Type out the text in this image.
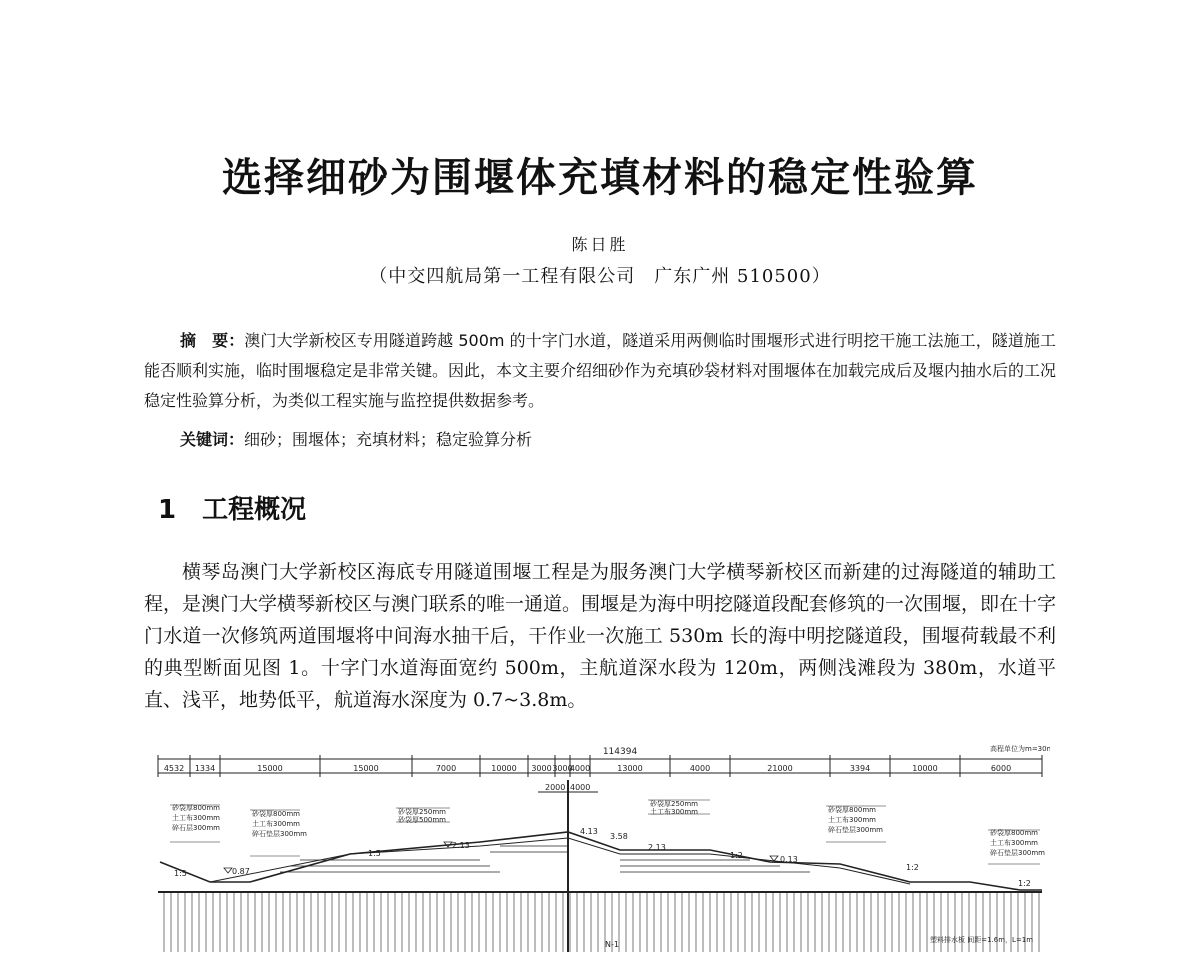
选择细砂为围堰体充填材料的稳定性验算
陈日胜
（中交四航局第一工程有限公司　广东广州 510500）
摘　要：澳门大学新校区专用隧道跨越 500m 的十字门水道，隧道采用两侧临时围堰形式进行明挖干施工法施工，隧道施工能否顺利实施，临时围堰稳定是非常关键。因此，本文主要介绍细砂作为充填砂袋材料对围堰体在加载完成后及堰内抽水后的工况稳定性验算分析，为类似工程实施与监控提供数据参考。
关键词：细砂；围堰体；充填材料；稳定验算分析
1 工程概况

横琴岛澳门大学新校区海底专用隧道围堰工程是为服务澳门大学横琴新校区而新建的过海隧道的辅助工程，是澳门大学横琴新校区与澳门联系的唯一通道。围堰是为海中明挖隧道段配套修筑的一次围堰，即在十字门水道一次修筑两道围堰将中间海水抽干后，干作业一次施工 530m 长的海中明挖隧道段，围堰荷载最不利的典型断面见图 1。十字门水道海面宽约 500m，主航道深水段为 120m，两侧浅滩段为 380m，水道平直、浅平，地势低平，航道海水深度为 0.7~3.8m。

114394	高程单位为m=30m
4532 1334	15000	15000	7000	10000 3000 3000
4000	13000	4000	21000	3394	10000	6000
2000 4000
砂袋厚800mm
土工布300mm
碎石层300mm
砂袋厚800mm
土工布300mm
碎石垫层300mm
砂袋厚250mm
砂袋厚500mm
砂袋厚250mm
土工布300mm	砂袋厚800mm
土工布300mm
碎石垫层300mm	砂袋厚800mm
土工布300mm
碎石垫层300mm
1:5
1:5	1:2
1:2
1:2
0.87
2.13
4.13
3.58
2.13
0.13
N-1	塑料排水板 间距=1.6m，L=1m
